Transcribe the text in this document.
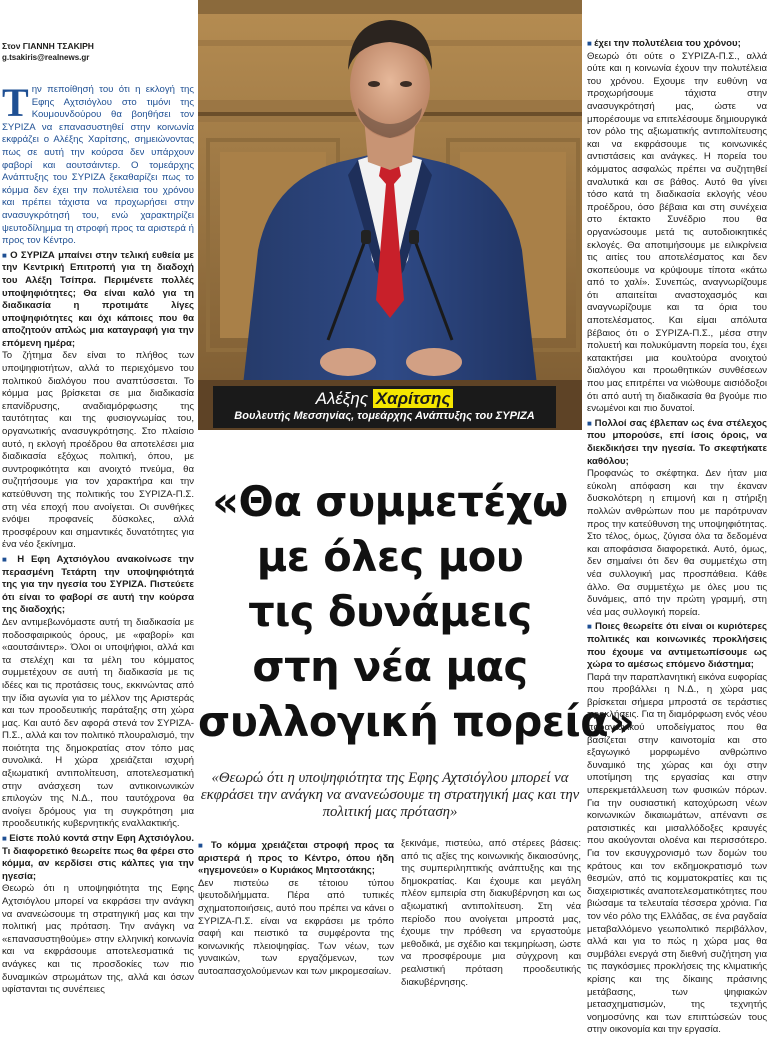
Στον ΓΙΑΝΝΗ ΤΣΑΚΙΡΗ
g.tsakiris@realnews.gr

Την πεποίθησή του ότι η εκλογή της Εφης Αχτσιόγλου στο τιμόνι της Κουμουνδούρου θα βοηθήσει τον ΣΥΡΙΖΑ να επανασυστηθεί στην κοινωνία εκφράζει ο Αλέξης Χαρίτσης, σημειώνοντας πως σε αυτή την κούρσα δεν υπάρχουν φαβορί και αουτσάιντερ. Ο τομεάρχης Ανάπτυξης του ΣΥΡΙΖΑ ξεκαθαρίζει πως το κόμμα δεν έχει την πολυτέλεια του χρόνου και πρέπει τάχιστα να προχωρήσει στην ανασυγκρότησή του, ενώ χαρακτηρίζει ψευτοδίλημμα τη στροφή προς τα αριστερά ή προς τον Κέντρο.

■ Ο ΣΥΡΙΖΑ μπαίνει στην τελική ευθεία με την Κεντρική Επιτροπή για τη διαδοχή του Αλέξη Τσίπρα. Περιμένετε πολλές υποψηφιότητες; Θα είναι καλό για τη διαδικασία η προτιμάτε λίγες υποψηφιότητες και όχι κάποιες που θα αποζητούν απλώς μια καταγραφή για την επόμενη ημέρα;

Το ζήτημα δεν είναι το πλήθος των υποψηφιοτήτων, αλλά το περιεχόμενο του πολιτικού διαλόγου που αναπτύσσεται. Το κόμμα μας βρίσκεται σε μια διαδικασία επανίδρυσης, αναδιαμόρφωσης της ταυτότητας και της φυσιογνωμίας του, οργανωτικής ανασυγκρότησης. Στο πλαίσιο αυτό, η εκλογή προέδρου θα αποτελέσει μια διαδικασία εξόχως πολιτική, όπου, με συντροφικότητα και ανοιχτό πνεύμα, θα συζητήσουμε για τον χαρακτήρα και την κατεύθυνση της πολιτικής του ΣΥΡΙΖΑ-Π.Σ. στη νέα εποχή που ανοίγεται. Οι συνθήκες ενόψει προφανείς δύσκολες, αλλά προσφέρουν και σημαντικές δυνατότητες για ένα νέο ξεκίνημα.

■ Η Εφη Αχτσιόγλου ανακοίνωσε την περασμένη Τετάρτη την υποψηφιότητά της για την ηγεσία του ΣΥΡΙΖΑ. Πιστεύετε ότι είναι το φαβορί σε αυτή την κούρσα της διαδοχής;

Δεν αντιμεβωνόμαστε αυτή τη διαδικασία με ποδοσφαιρικούς όρους, με «φαβορί» και «αουτσάιντερ». Όλοι οι υποψήφιοι, αλλά και τα στελέχη και τα μέλη του κόμματος συμμετέχουν σε αυτή τη διαδικασία με τις ιδέες και τις προτάσεις τους, εκκινώντας από την ίδια αγωνία για το μέλλον της Αριστεράς και των προοδευτικής παράταξης στη χώρα μας. Και αυτό δεν αφορά στενά τον ΣΥΡΙΖΑ-Π.Σ., αλλά και τον πολιτικό πλουραλισμό, την ποιότητα της δημοκρατίας στον τόπο μας συνολικά. Η χώρα χρειάζεται ισχυρή αξιωματική αντιπολίτευση, αποτελεσματική στην ανάσχεση των αντικοινωνικών επιλογών της Ν.Δ., που ταυτόχρονα θα ανοίγει δρόμους για τη συγκρότηση μια προοδευτικής κυβερνητικής εναλλακτικής.

■ Είστε πολύ κοντά στην Εφη Αχτσιόγλου. Τι διαφορετικό θεωρείτε πως θα φέρει στο κόμμα, αν κερδίσει στις κάλπες για την ηγεσία;

Θεωρώ ότι η υποψηφιότητα της Εφης Αχτσιόγλου μπορεί να εκφράσει την ανάγκη να ανανεώσουμε τη στρατηγική μας και την πολιτική μας πρόταση. Την ανάγκη να «επανασυστηθούμε» στην ελληνική κοινωνία και να εκφράσουμε αποτελεσματικά τις ανάγκες και τις προσδοκίες των πιο δυναμικών στρωμάτων της, αλλά και όσων υφίστανται τις συνέπειες

Αλέξης Χαρίτσης
Βουλευτής Μεσσηνίας, τομεάρχης Ανάπτυξης του ΣΥΡΙΖΑ
«Θα συμμετέχω
με όλες μου
τις δυνάμεις
στη νέα μας
συλλογική πορεία»
«Θεωρώ ότι η υποψηφιότητα της Εφης Αχτσιόγλου μπορεί να εκφράσει την ανάγκη να ανανεώσουμε τη στρατηγική μας και την πολιτική μας πρόταση»

■ Το κόμμα χρειάζεται στροφή προς τα αριστερά ή προς το Κέντρο, όπου ήδη «ηγεμονεύει» ο Κυριάκος Μητσοτάκης;

Δεν πιστεύω σε τέτοιου τύπου ψευτοδιλήμματα. Πέρα από τυπικές σχηματοποιήσεις, αυτό που πρέπει να κάνει ο ΣΥΡΙΖΑ-Π.Σ. είναι να εκφράσει με τρόπο σαφή και πειστικό τα συμφέροντα της κοινωνικής πλειοψηφίας. Των νέων, των γυναικών, των εργαζόμενων, των αυτοαπασχολούμενων και των μικρομεσαίων.

ξεκινάμε, πιστεύω, από στέρεες βάσεις: από τις αξίες της κοινωνικής δικαιοσύνης, της συμπεριληπτικής ανάπτυξης και της δημοκρατίας. Και έχουμε και μεγάλη πλέον εμπειρία στη διακυβέρνηση και ως αξιωματική αντιπολίτευση. Στη νέα περίοδο που ανοίγεται μπροστά μας, έχουμε την πρόθεση να εργαστούμε μεθοδικά, με σχέδιο και τεκμηρίωση, ώστε να προσφέρουμε μια σύγχρονη και ρεαλιστική πρόταση προοδευτικής διακυβέρνησης.

■ έχει την πολυτέλεια του χρόνου;

Θεωρώ ότι ούτε ο ΣΥΡΙΖΑ-Π.Σ., αλλά ούτε και η κοινωνία έχουν την πολυτέλεια του χρόνου. Εχουμε την ευθύνη να προχωρήσουμε τάχιστα στην ανασυγκρότησή μας, ώστε να μπορέσουμε να επιτελέσουμε δημιουργικά τον ρόλο της αξιωματικής αντιπολίτευσης και να εκφράσουμε τις κοινωνικές αντιστάσεις και ανάγκες. Η πορεία του κόμματος ασφαλώς πρέπει να συζητηθεί αναλυτικά και σε βάθος. Αυτό θα γίνει τόσο κατά τη διαδικασία εκλογής νέου προέδρου, όσο βέβαια και στη συνέχεια στο έκτακτο Συνέδριο που θα οργανώσουμε μετά τις αυτοδιοικητικές εκλογές. Θα αποτιμήσουμε με ειλικρίνεια τις αιτίες του αποτελέσματος και δεν σκοπεύουμε να κρύψουμε τίποτα «κάτω από το χαλί». Συνεπώς, αναγνωρίζουμε ότι απαιτείται αναστοχασμός και αναγνωρίζουμε και τα όρια του αποτελέσματος. Και είμαι απόλυτα βέβαιος ότι ο ΣΥΡΙΖΑ-Π.Σ., μέσα στην πολυετή και πολυκύμαντη πορεία του, έχει κατακτήσει μια κουλτούρα ανοιχτού διαλόγου και προωθητικών συνθέσεων που μας επιτρέπει να νιώθουμε αισιόδοξοι ότι από αυτή τη διαδικασία θα βγούμε πιο ενωμένοι και πιο δυνατοί.

■ Πολλοί σας έβλεπαν ως ένα στέλεχος που μπορούσε, επί ίσοις όροις, να διεκδικήσει την ηγεσία. Το σκεφτήκατε καθόλου;

Προφανώς το σκέφτηκα. Δεν ήταν μια εύκολη απόφαση και την έκαναν δυσκολότερη η επιμονή και η στήριξη πολλών ανθρώπων που με παρότρυναν προς την κατεύθυνση της υποψηφιότητας. Στο τέλος, όμως, ζύγισα όλα τα δεδομένα και αποφάσισα διαφορετικά. Αυτό, όμως, δεν σημαίνει ότι δεν θα συμμετέχω στη νέα συλλογική μας προσπάθεια. Κάθε άλλο. Θα συμμετέχω με όλες μου τις δυνάμεις, από την πρώτη γραμμή, στη νέα μας συλλογική πορεία.

■ Ποιες θεωρείτε ότι είναι οι κυριότερες πολιτικές και κοινωνικές προκλήσεις που έχουμε να αντιμετωπίσουμε ως χώρα το αμέσως επόμενο διάστημα;

Παρά την παραπλανητική εικόνα ευφορίας που προβάλλει η Ν.Δ., η χώρα μας βρίσκεται σήμερα μπροστά σε τεράστιες προκλήσεις. Για τη διαμόρφωση ενός νέου παραγωγικού υποδείγματος που θα βασίζεται στην καινοτομία και στο εξαγωγικό μορφωμένο ανθρώπινο δυναμικό της χώρας και όχι στην υποτίμηση της εργασίας και στην υπερεκμετάλλευση των φυσικών πόρων. Για την ουσιαστική κατοχύρωση νέων κοινωνικών δικαιωμάτων, απέναντι σε ρατσιστικές και μισαλλόδοξες κραυγές που ακούγονται ολοένα και περισσότερο. Για τον εκσυγχρονισμό των δομών του κράτους και τον εκδημοκρατισμό των θεσμών, από τις κομματοκρατίες και τις διαχειριστικές αναποτελεσματικότητες που βιώσαμε τα τελευταία τέσσερα χρόνια. Για τον νέο ρόλο της Ελλάδας, σε ένα ραγδαία μεταβαλλόμενο γεωπολιτικό περιβάλλον, αλλά και για το πώς η χώρα μας θα συμβάλει ενεργά στη διεθνή συζήτηση για τις παγκόσμιες προκλήσεις της κλιματικής κρίσης και της δίκαιης πράσινης μετάβασης, των ψηφιακών μετασχηματισμών, της τεχνητής νοημοσύνης και των επιπτώσεών τους στην οικονομία και την εργασία.
